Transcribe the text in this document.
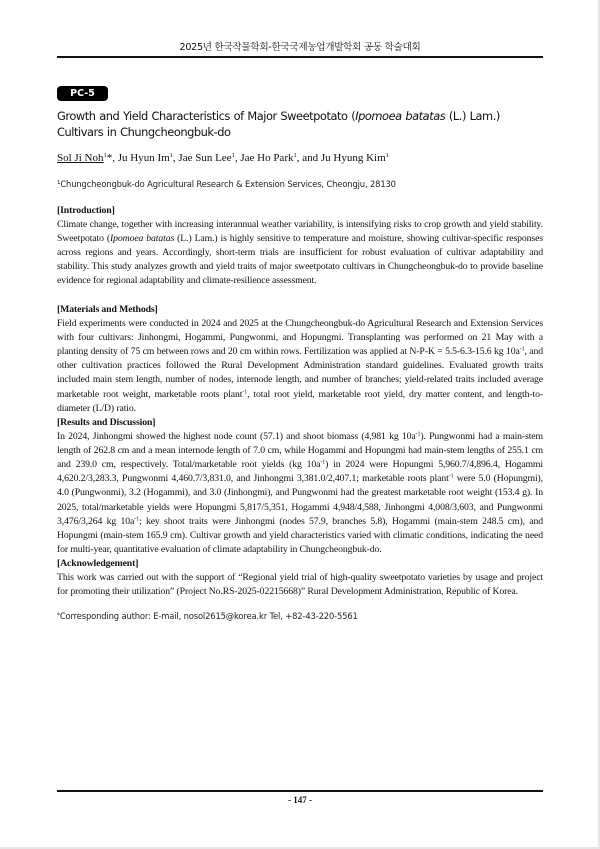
2025년 한국작물학회-한국국제농업개발학회 공동 학술대회
PC-5
Growth and Yield Characteristics of Major Sweetpotato (Ipomoea batatas (L.) Lam.) Cultivars in Chungcheongbuk-do
Sol Ji Noh$^1$*, Ju Hyun Im$^1$, Jae Sun Lee$^1$, Jae Ho Park$^1$, and Ju Hyung Kim$^1$
$^1$Chungcheongbuk-do Agricultural Research & Extension Services, Cheongju, 28130
[Introduction]

Climate change, together with increasing interannual weather variability, is intensifying risks to crop growth and yield stability. Sweetpotato (Ipomoea batatas (L.) Lam.) is highly sensitive to temperature and moisture, showing cultivar-specific responses across regions and years. Accordingly, short-term trials are insufficient for robust evaluation of cultivar adaptability and stability. This study analyzes growth and yield traits of major sweetpotato cultivars in Chungcheongbuk-do to provide baseline evidence for regional adaptability and climate-resilience assessment.

[Materials and Methods]

Field experiments were conducted in 2024 and 2025 at the Chungcheongbuk-do Agricultural Research and Extension Services with four cultivars: Jinhongmi, Hogammi, Pungwonmi, and Hopungmi. Transplanting was performed on 21 May with a planting density of 75 cm between rows and 20 cm within rows. Fertilization was applied at N-P-K = 5.5-6.3-15.6 kg $10a^{-1}$, and other cultivation practices followed the Rural Development Administration standard guidelines. Evaluated growth traits included main stem length, number of nodes, internode length, and number of branches; yield-related traits included average marketable root weight, marketable roots plant$^{-1}$, total root yield, marketable root yield, dry matter content, and length-to-diameter (L/D) ratio.

[Results and Discussion]

In 2024, Jinhongmi showed the highest node count (57.1) and shoot biomass (4,981 kg $10a^{-1}$). Pungwonmi had a main-stem length of 262.8 cm and a mean internode length of 7.0 cm, while Hogammi and Hopungmi had main-stem lengths of 255.1 cm and 239.0 cm, respectively. Total/marketable root yields (kg $10a^{-1}$) in 2024 were Hopungmi 5,960.7/4,896.4, Hogammi 4,620.2/3,283.3, Pungwonmi 4,460.7/3,831.0, and Jinhongmi 3,381.0/2,407.1; marketable roots plant$^{-1}$ were 5.0 (Hopungmi), 4.0 (Pungwonmi), 3.2 (Hogammi), and 3.0 (Jinhongmi), and Pungwonmi had the greatest marketable root weight (153.4 g). In 2025, total/marketable yields were Hopungmi 5,817/5,351, Hogammi 4,948/4,588, Jinhongmi 4,008/3,603, and Pungwonmi 3,476/3,264 kg $10a^{-1}$; key shoot traits were Jinhongmi (nodes 57.9, branches 5.8), Hogammi (main-stem 248.5 cm), and Hopungmi (main-stem 165.9 cm). Cultivar growth and yield characteristics varied with climatic conditions, indicating the need for multi-year, quantitative evaluation of climate adaptability in Chungcheongbuk-do.

[Acknowledgement]

This work was carried out with the support of “Regional yield trial of high-quality sweetpotato varieties by usage and project for promoting their utilization” (Project No.RS-2025-02215668)” Rural Development Administration, Republic of Korea.

*Corresponding author: E-mail, nosol2615@korea.kr Tel, +82-43-220-5561
- 147 -
